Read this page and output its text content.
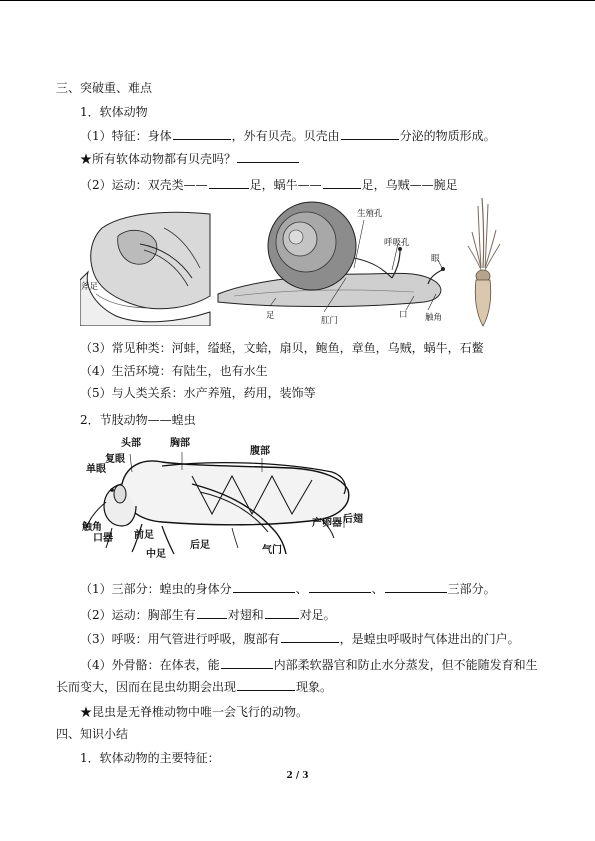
三、突破重、难点
1．软体动物
（1）特征：身体	，外有贝壳。贝壳由	分泌的物质形成。
★所有软体动物都有贝壳吗？
（2）运动：双壳类——	足，蜗牛——	足，乌贼——腕足
斧足
生殖孔
呼吸孔
眼
足	肛门
口 触角
（3）常见种类：河蚌，缢蛏，文蛤，扇贝，鲍鱼，章鱼，乌贼，蜗牛，石鳖
（4）生活环境：有陆生，也有水生
（5）与人类关系：水产养殖，药用，装饰等
2．节肢动物——蝗虫
头部	胸部
腹部
复眼
单眼
后翅
产卵器
触角
口器 前足
后足	气门
中足
（1）三部分：蝗虫的身体分	、	、	三部分。
（2）运动：胸部生有	对翅和	对足。
（3）呼吸：用气管进行呼吸，腹部有	，是蝗虫呼吸时气体进出的门户。
（4）外骨骼：在体表，能	内部柔软器官和防止水分蒸发，但不能随发育和生
长而变大，因而在昆虫幼期会出现	现象。
★昆虫是无脊椎动物中唯一会飞行的动物。
四、知识小结
1．软体动物的主要特征：
2 / 3
